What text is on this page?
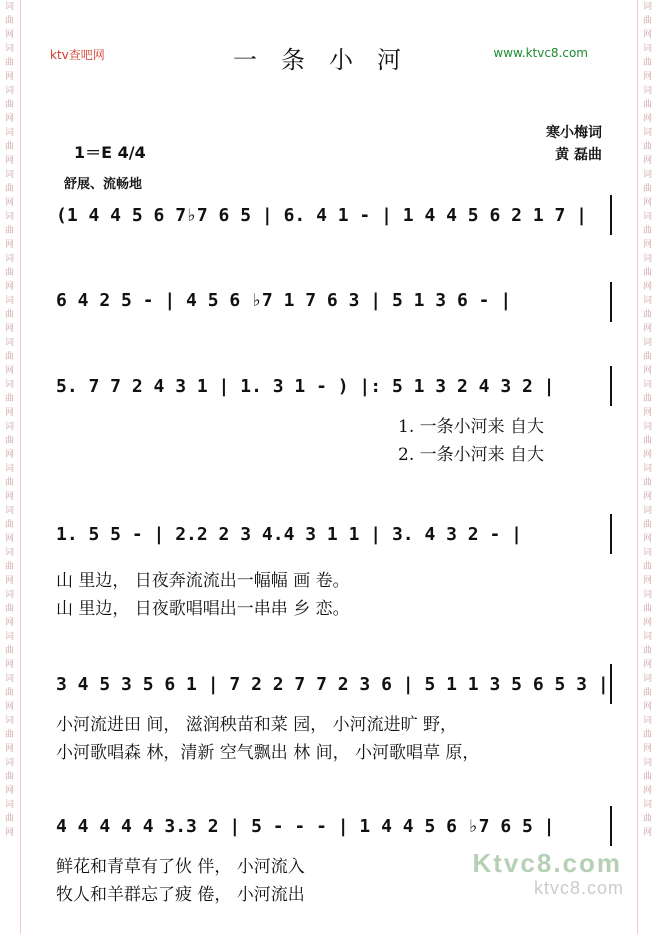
词曲网词曲网词曲网词曲网词曲网词曲网词曲网词曲网词曲网词曲网词曲网词曲网词曲网词曲网词曲网词曲网词曲网词曲网词曲网词曲网
词曲网词曲网词曲网词曲网词曲网词曲网词曲网词曲网词曲网词曲网词曲网词曲网词曲网词曲网词曲网词曲网词曲网词曲网词曲网词曲网
ktv查吧网	www.ktvc8.com
一条小河
1＝E 4/4
寒小梅词
黄 磊曲
舒展、流畅地
(1 4 4 5 6 7♭7 6 5 | 6. 4 1 - | 1 4 4 5 6 2 1 7 |
6 4 2 5 - | 4 5 6 ♭7 1 7 6 3 | 5 1 3 6 - |
5. 7 7 2 4 3 1 | 1. 3 1 - ) |: 5 1 3 2 4 3 2 |
1. 一条小河来 自大
2. 一条小河来 自大
1. 5 5 - | 2.2 2 3 4.4 3 1 1 | 3. 4 3 2 - |
山 里边， 日夜奔流流出一幅幅 画 卷。
山 里边， 日夜歌唱唱出一串串 乡 恋。
3 4 5 3 5 6 1 | 7 2 2 7 7 2 3 6 | 5 1 1 3 5 6 5 3 |
小河流进田 间， 滋润秧苗和菜 园， 小河流进旷 野，
小河歌唱森 林，清新 空气飘出 林 间， 小河歌唱草 原，
4 4 4 4 4 3.3 2 | 5 - - - | 1 4 4 5 6 ♭7 6 5 |
鲜花和青草有了伙 伴， 小河流入
牧人和羊群忘了疲 倦， 小河流出
Ktvc8.com
ktvc8.com
